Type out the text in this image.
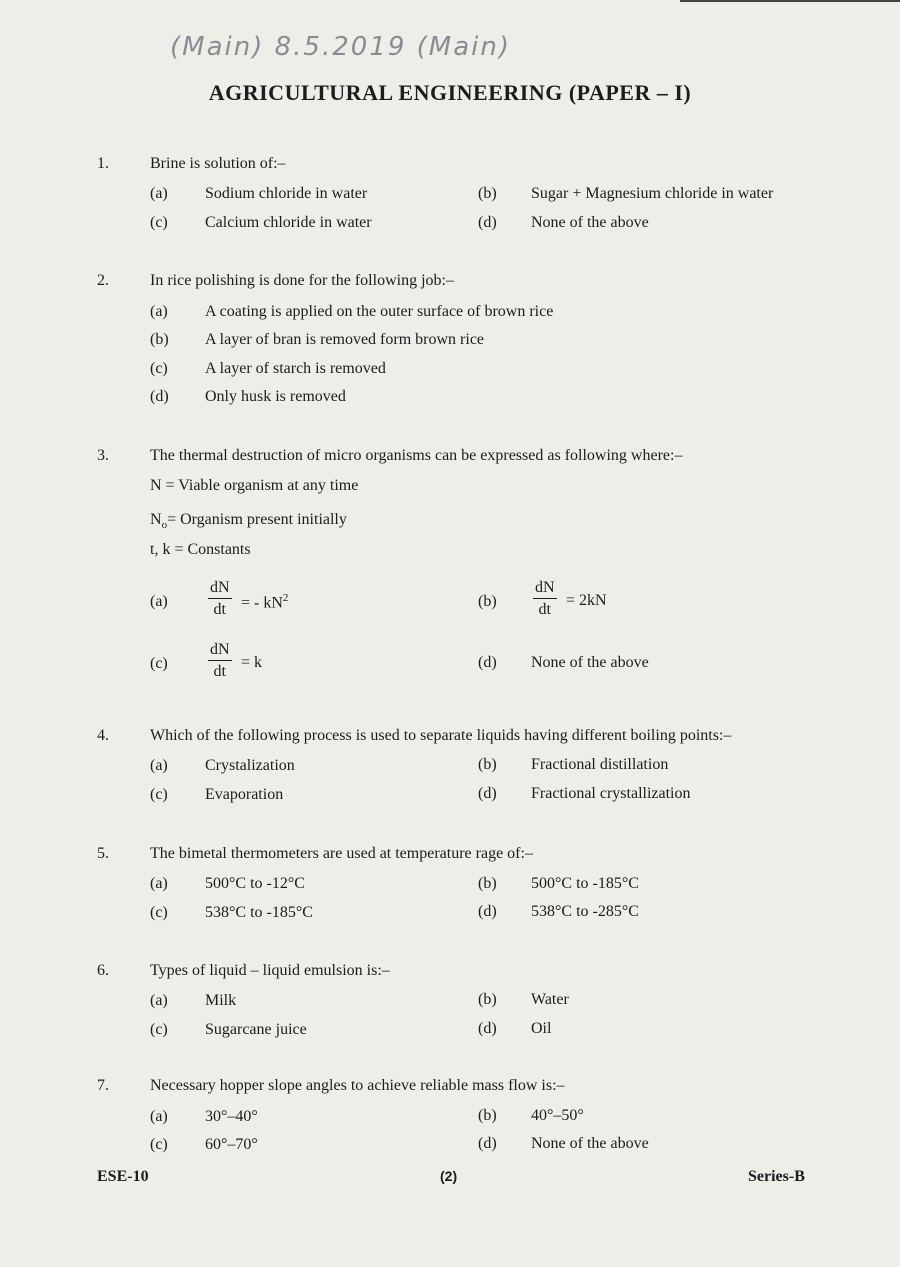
(Main) 8.5.2019 (Main)
AGRICULTURAL ENGINEERING (PAPER – I)
1.	Brine is solution of:–
(a) Sodium chloride in water	(b) Sugar + Magnesium chloride in water
(c) Calcium chloride in water	(d) None of the above
2.	In rice polishing is done for the following job:–
(a) A coating is applied on the outer surface of brown rice
(b) A layer of bran is removed form brown rice
(c) A layer of starch is removed
(d) Only husk is removed
3.	The thermal destruction of micro organisms can be expressed as following where:–
N = Viable organism at any time
$N_o=$ Organism present initially
t, k = Constants
(a)	$\frac{dN}{dt}$ = - $kN^2$	$(b) \frac{dN}{dt} = 2kN$
(c)	$\frac{dN}{dt} = k$	(d) None of the above
4.	Which of the following process is used to separate liquids having different boiling points:–
(a) Crystalization	(b) Fractional distillation
(c) Evaporation	(d) Fractional crystallization
5.	The bimetal thermometers are used at temperature rage of:–
(a) 500°C to -12°C	(b) 500°C to -185°C
(c) 538°C to -185°C	(d) 538°C to -285°C
6.	Types of liquid – liquid emulsion is:–
(a) Milk	(b) Water
(c) Sugarcane juice	(d) Oil
7.	Necessary hopper slope angles to achieve reliable mass flow is:–
(a) 30°–40°	(b) 40°–50°
(c) 60°–70°	(d) None of the above
ESE-10	(2)	Series-B
